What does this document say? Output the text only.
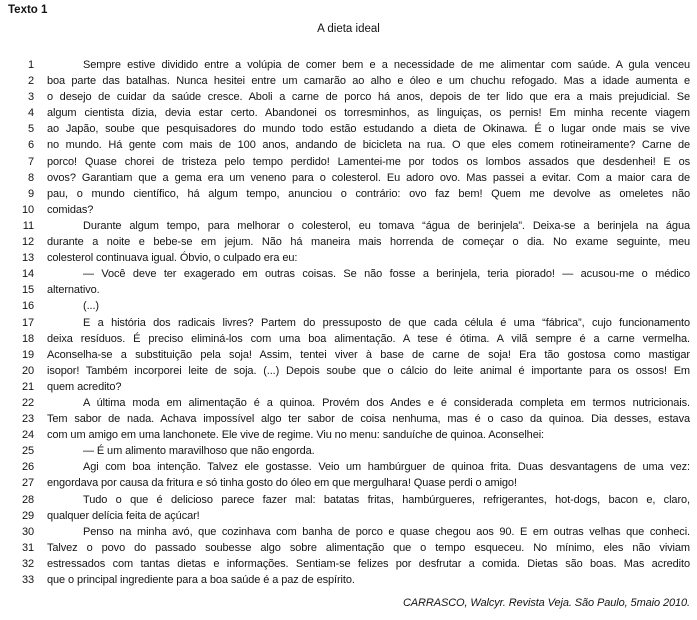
Texto 1
A dieta ideal
1	Sempre estive dividido entre a volúpia de comer bem e a necessidade de me alimentar com saúde. A gula venceu
2 boa parte das batalhas. Nunca hesitei entre um camarão ao alho e óleo e um chuchu refogado. Mas a idade aumenta e
3 o desejo de cuidar da saúde cresce. Aboli a carne de porco há anos, depois de ter lido que era a mais prejudicial. Se
4 algum cientista dizia, devia estar certo. Abandonei os torresminhos, as linguiças, os pernis! Em minha recente viagem
5 ao Japão, soube que pesquisadores do mundo todo estão estudando a dieta de Okinawa. É o lugar onde mais se vive
6 no mundo. Há gente com mais de 100 anos, andando de bicicleta na rua. O que eles comem rotineiramente? Carne de
7 porco! Quase chorei de tristeza pelo tempo perdido! Lamentei-me por todos os lombos assados que desdenhei! E os
8 ovos? Garantiam que a gema era um veneno para o colesterol. Eu adoro ovo. Mas passei a evitar. Com a maior cara de
9 pau, o mundo científico, há algum tempo, anunciou o contrário: ovo faz bem! Quem me devolve as omeletes não
10 comidas?
11	Durante algum tempo, para melhorar o colesterol, eu tomava “água de berinjela”. Deixa-se a berinjela na água
12 durante a noite e bebe-se em jejum. Não há maneira mais horrenda de começar o dia. No exame seguinte, meu
13 colesterol continuava igual. Óbvio, o culpado era eu:
14	— Você deve ter exagerado em outras coisas. Se não fosse a berinjela, teria piorado! — acusou-me o médico
15 alternativo.
16	(...)
17	E a história dos radicais livres? Partem do pressuposto de que cada célula é uma “fábrica”, cujo funcionamento
18 deixa resíduos. É preciso eliminá-los com uma boa alimentação. A tese é ótima. A vilã sempre é a carne vermelha.
19 Aconselha-se a substituição pela soja! Assim, tentei viver à base de carne de soja! Era tão gostosa como mastigar
20 isopor! Também incorporei leite de soja. (...) Depois soube que o cálcio do leite animal é importante para os ossos! Em
21 quem acredito?
22	A última moda em alimentação é a quinoa. Provém dos Andes e é considerada completa em termos nutricionais.
23 Tem sabor de nada. Achava impossível algo ter sabor de coisa nenhuma, mas é o caso da quinoa. Dia desses, estava
24 com um amigo em uma lanchonete. Ele vive de regime. Viu no menu: sanduíche de quinoa. Aconselhei:
25	— É um alimento maravilhoso que não engorda.
26	Agi com boa intenção. Talvez ele gostasse. Veio um hambúrguer de quinoa frita. Duas desvantagens de uma vez:
27 engordava por causa da fritura e só tinha gosto do óleo em que mergulhara! Quase perdi o amigo!
28	Tudo o que é delicioso parece fazer mal: batatas fritas, hambúrgueres, refrigerantes, hot-dogs, bacon e, claro,
29 qualquer delícia feita de açúcar!
30	Penso na minha avó, que cozinhava com banha de porco e quase chegou aos 90. E em outras velhas que conheci.
31 Talvez o povo do passado soubesse algo sobre alimentação que o tempo esqueceu. No mínimo, eles não viviam
32 estressados com tantas dietas e informações. Sentiam-se felizes por desfrutar a comida. Dietas são boas. Mas acredito
33 que o principal ingrediente para a boa saúde é a paz de espírito.
CARRASCO, Walcyr. Revista Veja. São Paulo, 5maio 2010.
